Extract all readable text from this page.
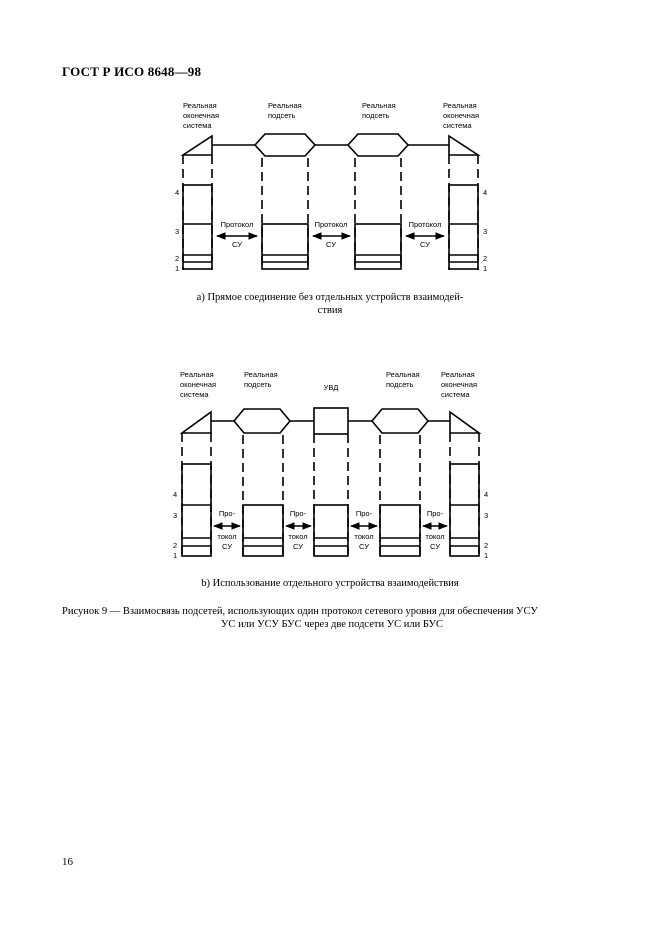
ГОСТ Р ИСО 8648—98
Реальная
оконечная
система
Реальная
подсеть
Реальная
подсеть
Реальная
оконечная
система
Протокол
СУ
Протокол
СУ
Протокол
СУ
4
3
2
1
4
3
2
1
Реальная
оконечная
система
Реальная
подсеть	УВД
Реальная
подсеть
Реальная
оконечная
система
Про-
токол
СУ
Про-
токол
СУ
Про-
токол
СУ
Про-
токол
СУ
4
3
2
1
4
3
2
1
а) Прямое соединение без отдельных устройств взаимодей-
ствия
b) Использование отдельного устройства взаимодействия
Рисунок 9 — Взаимосвязь подсетей, использующих один протокол сетевого уровня для обеспечения УСУ
УС или УСУ БУС через две подсети УС или БУС
16
